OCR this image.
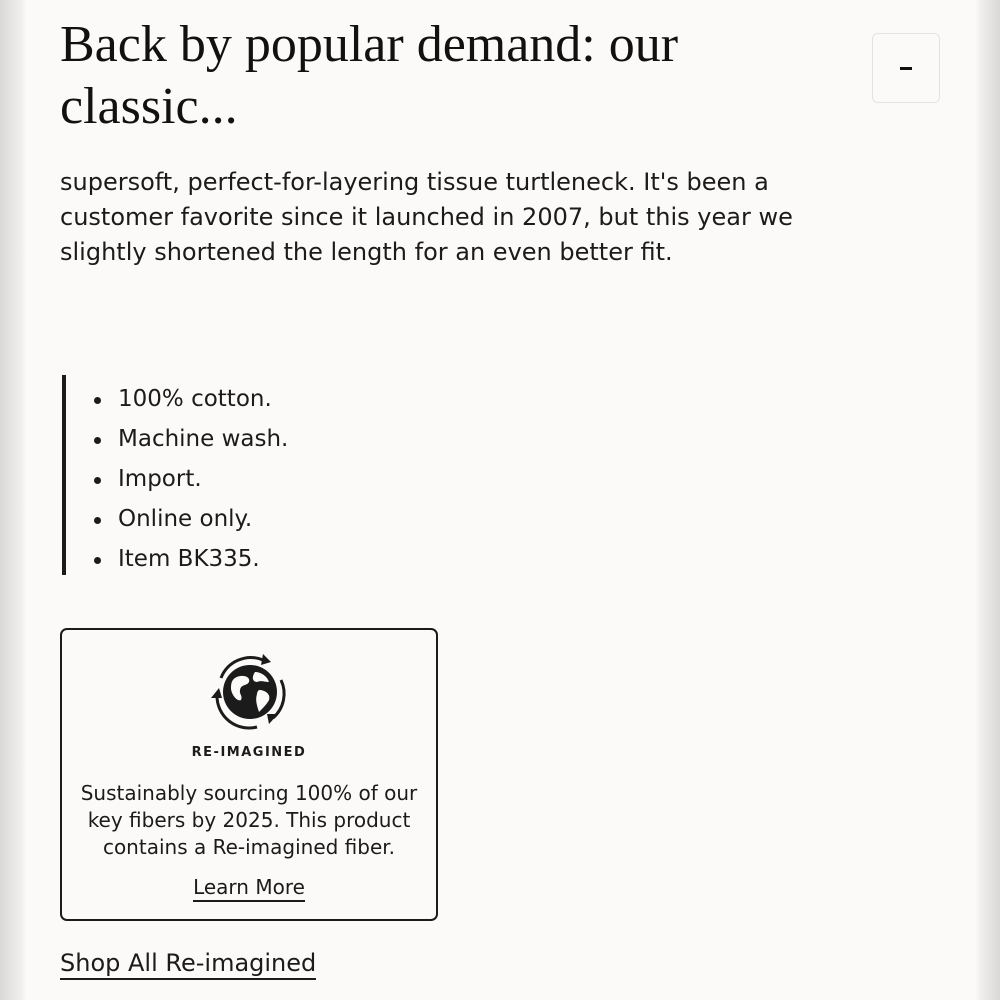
Back by popular demand: our classic...

supersoft, perfect-for-layering tissue turtleneck. It's been a customer favorite since it launched in 2007, but this year we slightly shortened the length for an even better fit.

100% cotton.
Machine wash.
Import.
Online only.
Item BK335.
RE-IMAGINED
Sustainably sourcing 100% of our key fibers by 2025. This product contains a Re-imagined fiber.
Learn More
Shop All Re-imagined
